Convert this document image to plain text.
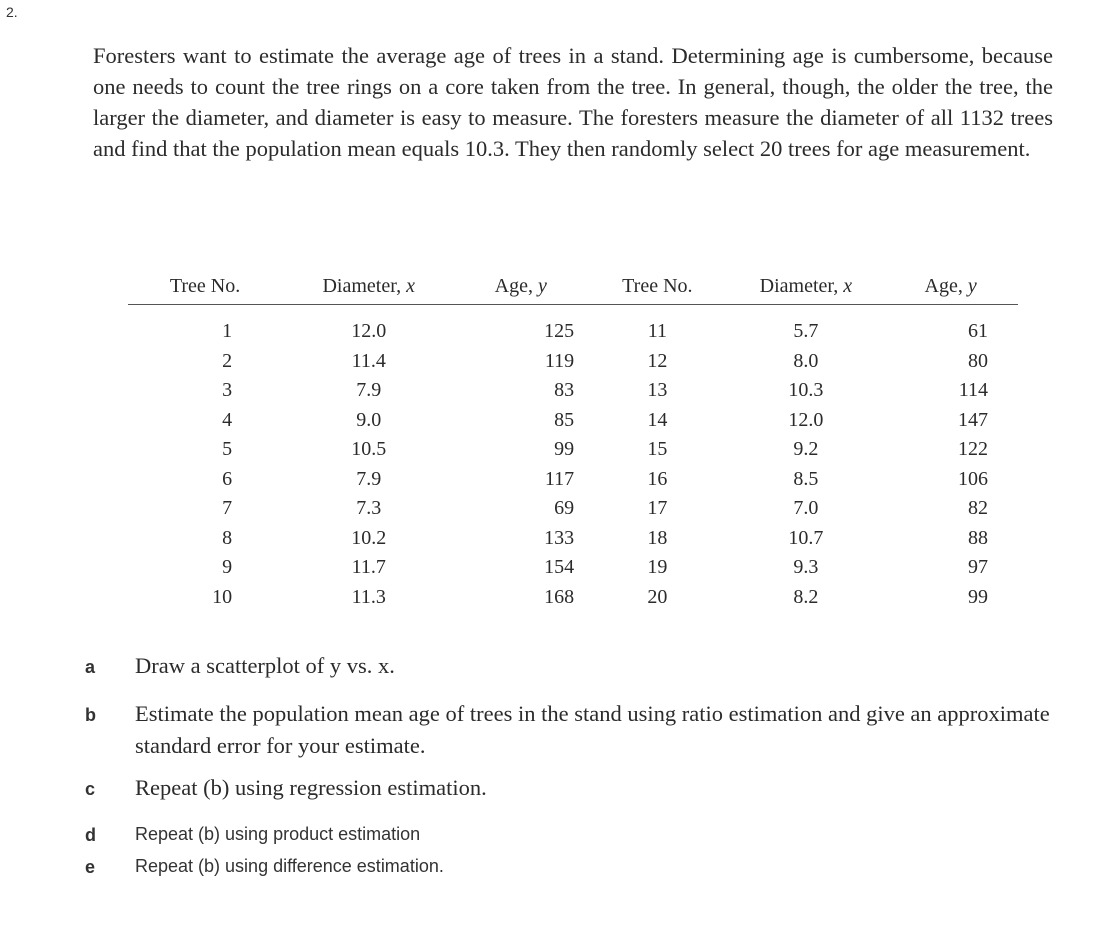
2.
Foresters want to estimate the average age of trees in a stand. Determining age is cumbersome, because one needs to count the tree rings on a core taken from the tree. In general, though, the older the tree, the larger the diameter, and diameter is easy to measure. The foresters measure the diameter of all 1132 trees and find that the population mean equals 10.3. They then randomly select 20 trees for age measurement.
Tree No.	Diameter, x	Age, y	Tree No.	Diameter, x	Age, y
1	12.0	125	11	5.7	61
2	11.4	119	12	8.0	80
3	7.9	83	13	10.3	114
4	9.0	85	14	12.0	147
5	10.5	99	15	9.2	122
6	7.9	117	16	8.5	106
7	7.3	69	17	7.0	82
8	10.2	133	18	10.7	88
9	11.7	154	19	9.3	97
10	11.3	168	20	8.2	99
a Draw a scatterplot of y vs. x.
b Estimate the population mean age of trees in the stand using ratio estimation and give an approximate standard error for your estimate.
c Repeat (b) using regression estimation.
d Repeat (b) using product estimation
e Repeat (b) using difference estimation.
